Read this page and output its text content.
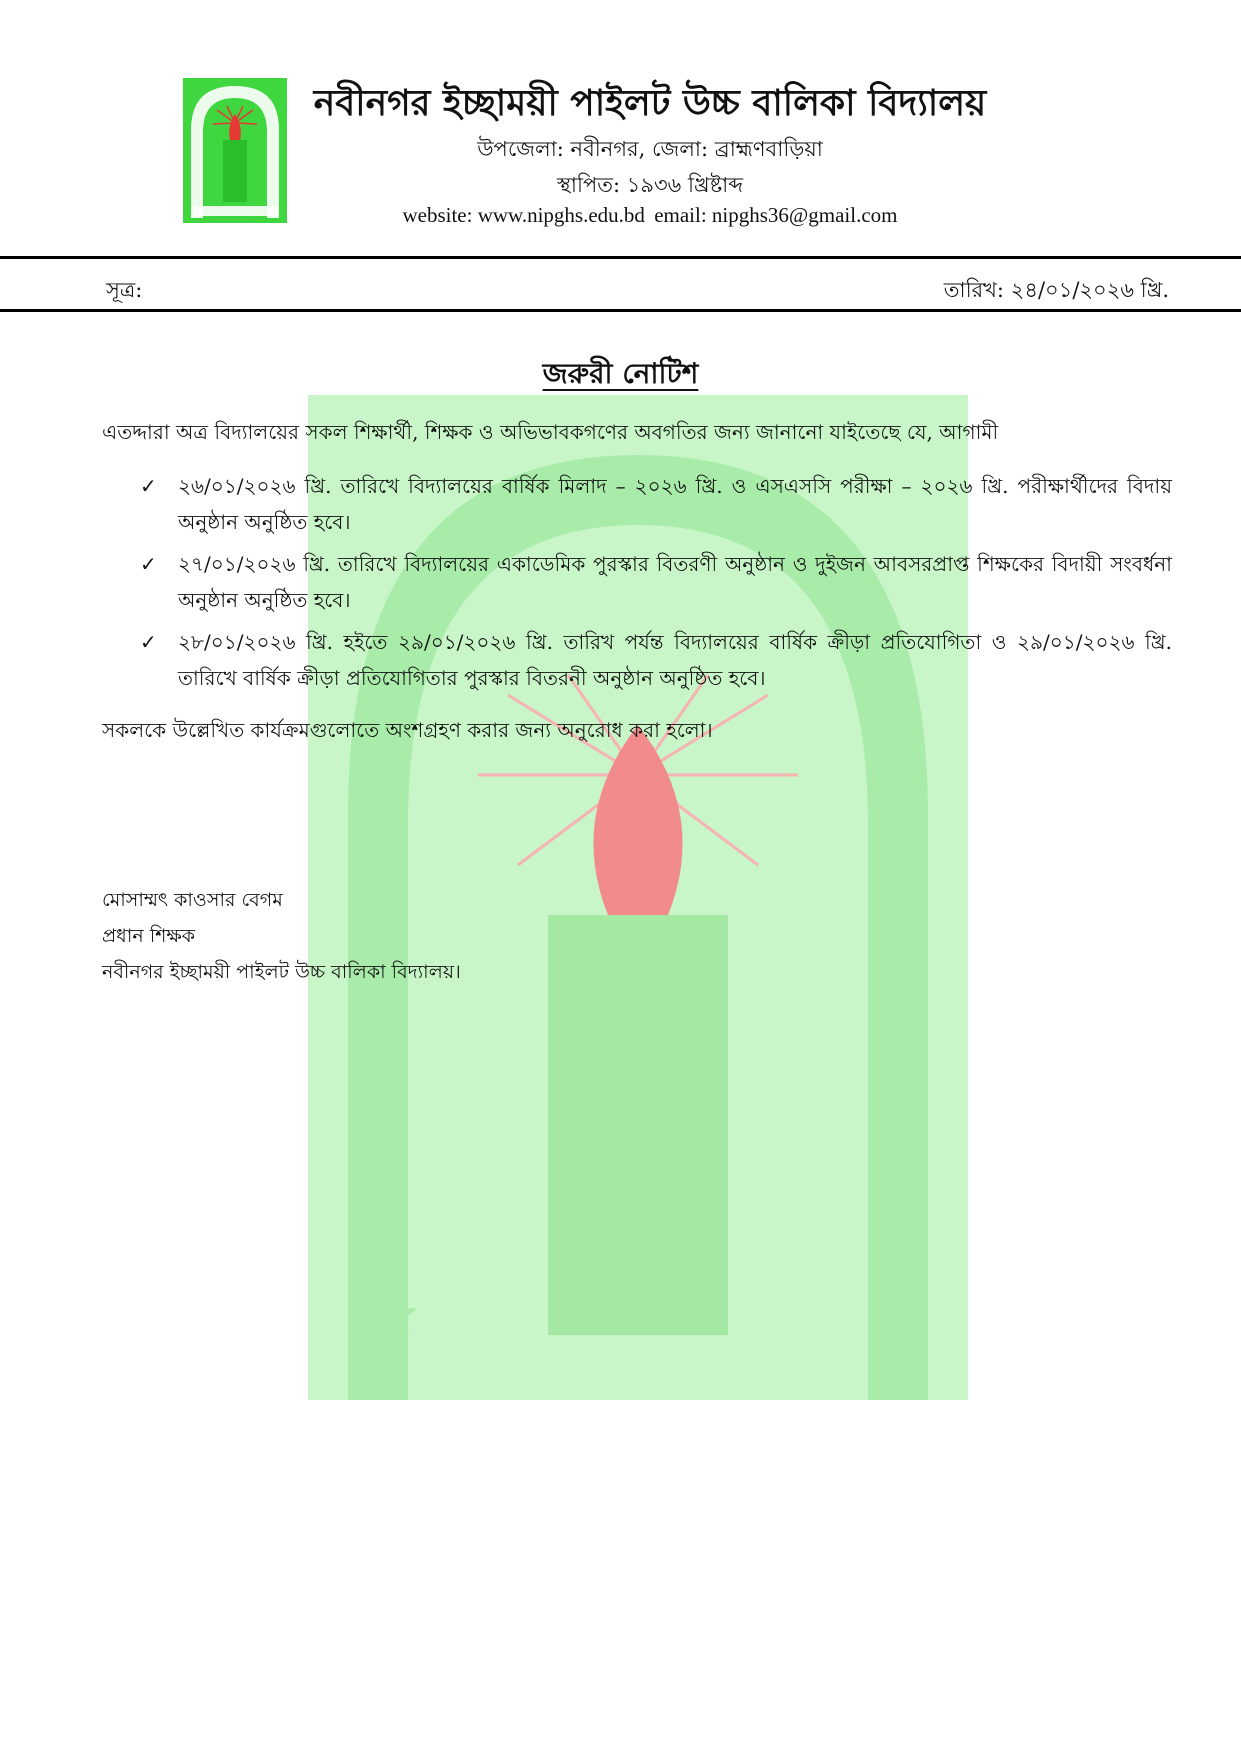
★	★
নবীনগর ইচ্ছাময়ী পাইলট উচ্চ বালিকা বিদ্যালয়
উপজেলা: নবীনগর, জেলা: ব্রাহ্মণবাড়িয়া
স্থাপিত: ১৯৩৬ খ্রিষ্টাব্দ
website: www.nipghs.edu.bd email: nipghs36@gmail.com
সূত্র:	তারিখ: ২৪/০১/২০২৬ খ্রি.
জরুরী নোটিশ
এতদ্দারা অত্র বিদ্যালয়ের সকল শিক্ষার্থী, শিক্ষক ও অভিভাবকগণের অবগতির জন্য জানানো যাইতেছে যে, আগামী
✓ ২৬/০১/২০২৬ খ্রি. তারিখে বিদ্যালয়ের বার্ষিক মিলাদ – ২০২৬ খ্রি. ও এসএসসি পরীক্ষা – ২০২৬ খ্রি. পরীক্ষার্থীদের বিদায় অনুষ্ঠান অনুষ্ঠিত হবে।
✓ ২৭/০১/২০২৬ খ্রি. তারিখে বিদ্যালয়ের একাডেমিক পুরস্কার বিতরণী অনুষ্ঠান ও দুইজন আবসরপ্রাপ্ত শিক্ষকের বিদায়ী সংবর্ধনা অনুষ্ঠান অনুষ্ঠিত হবে।
✓ ২৮/০১/২০২৬ খ্রি. হইতে ২৯/০১/২০২৬ খ্রি. তারিখ পর্যন্ত বিদ্যালয়ের বার্ষিক ক্রীড়া প্রতিযোগিতা ও ২৯/০১/২০২৬ খ্রি. তারিখে বার্ষিক ক্রীড়া প্রতিযোগিতার পুরস্কার বিতরনী অনুষ্ঠান অনুষ্ঠিত হবে।
সকলকে উল্লেখিত কার্যক্রমগুলোতে অংশগ্রহণ করার জন্য অনুরোধ করা হলো।
মোসাম্মৎ কাওসার বেগম
প্রধান শিক্ষক
নবীনগর ইচ্ছাময়ী পাইলট উচ্চ বালিকা বিদ্যালয়।
